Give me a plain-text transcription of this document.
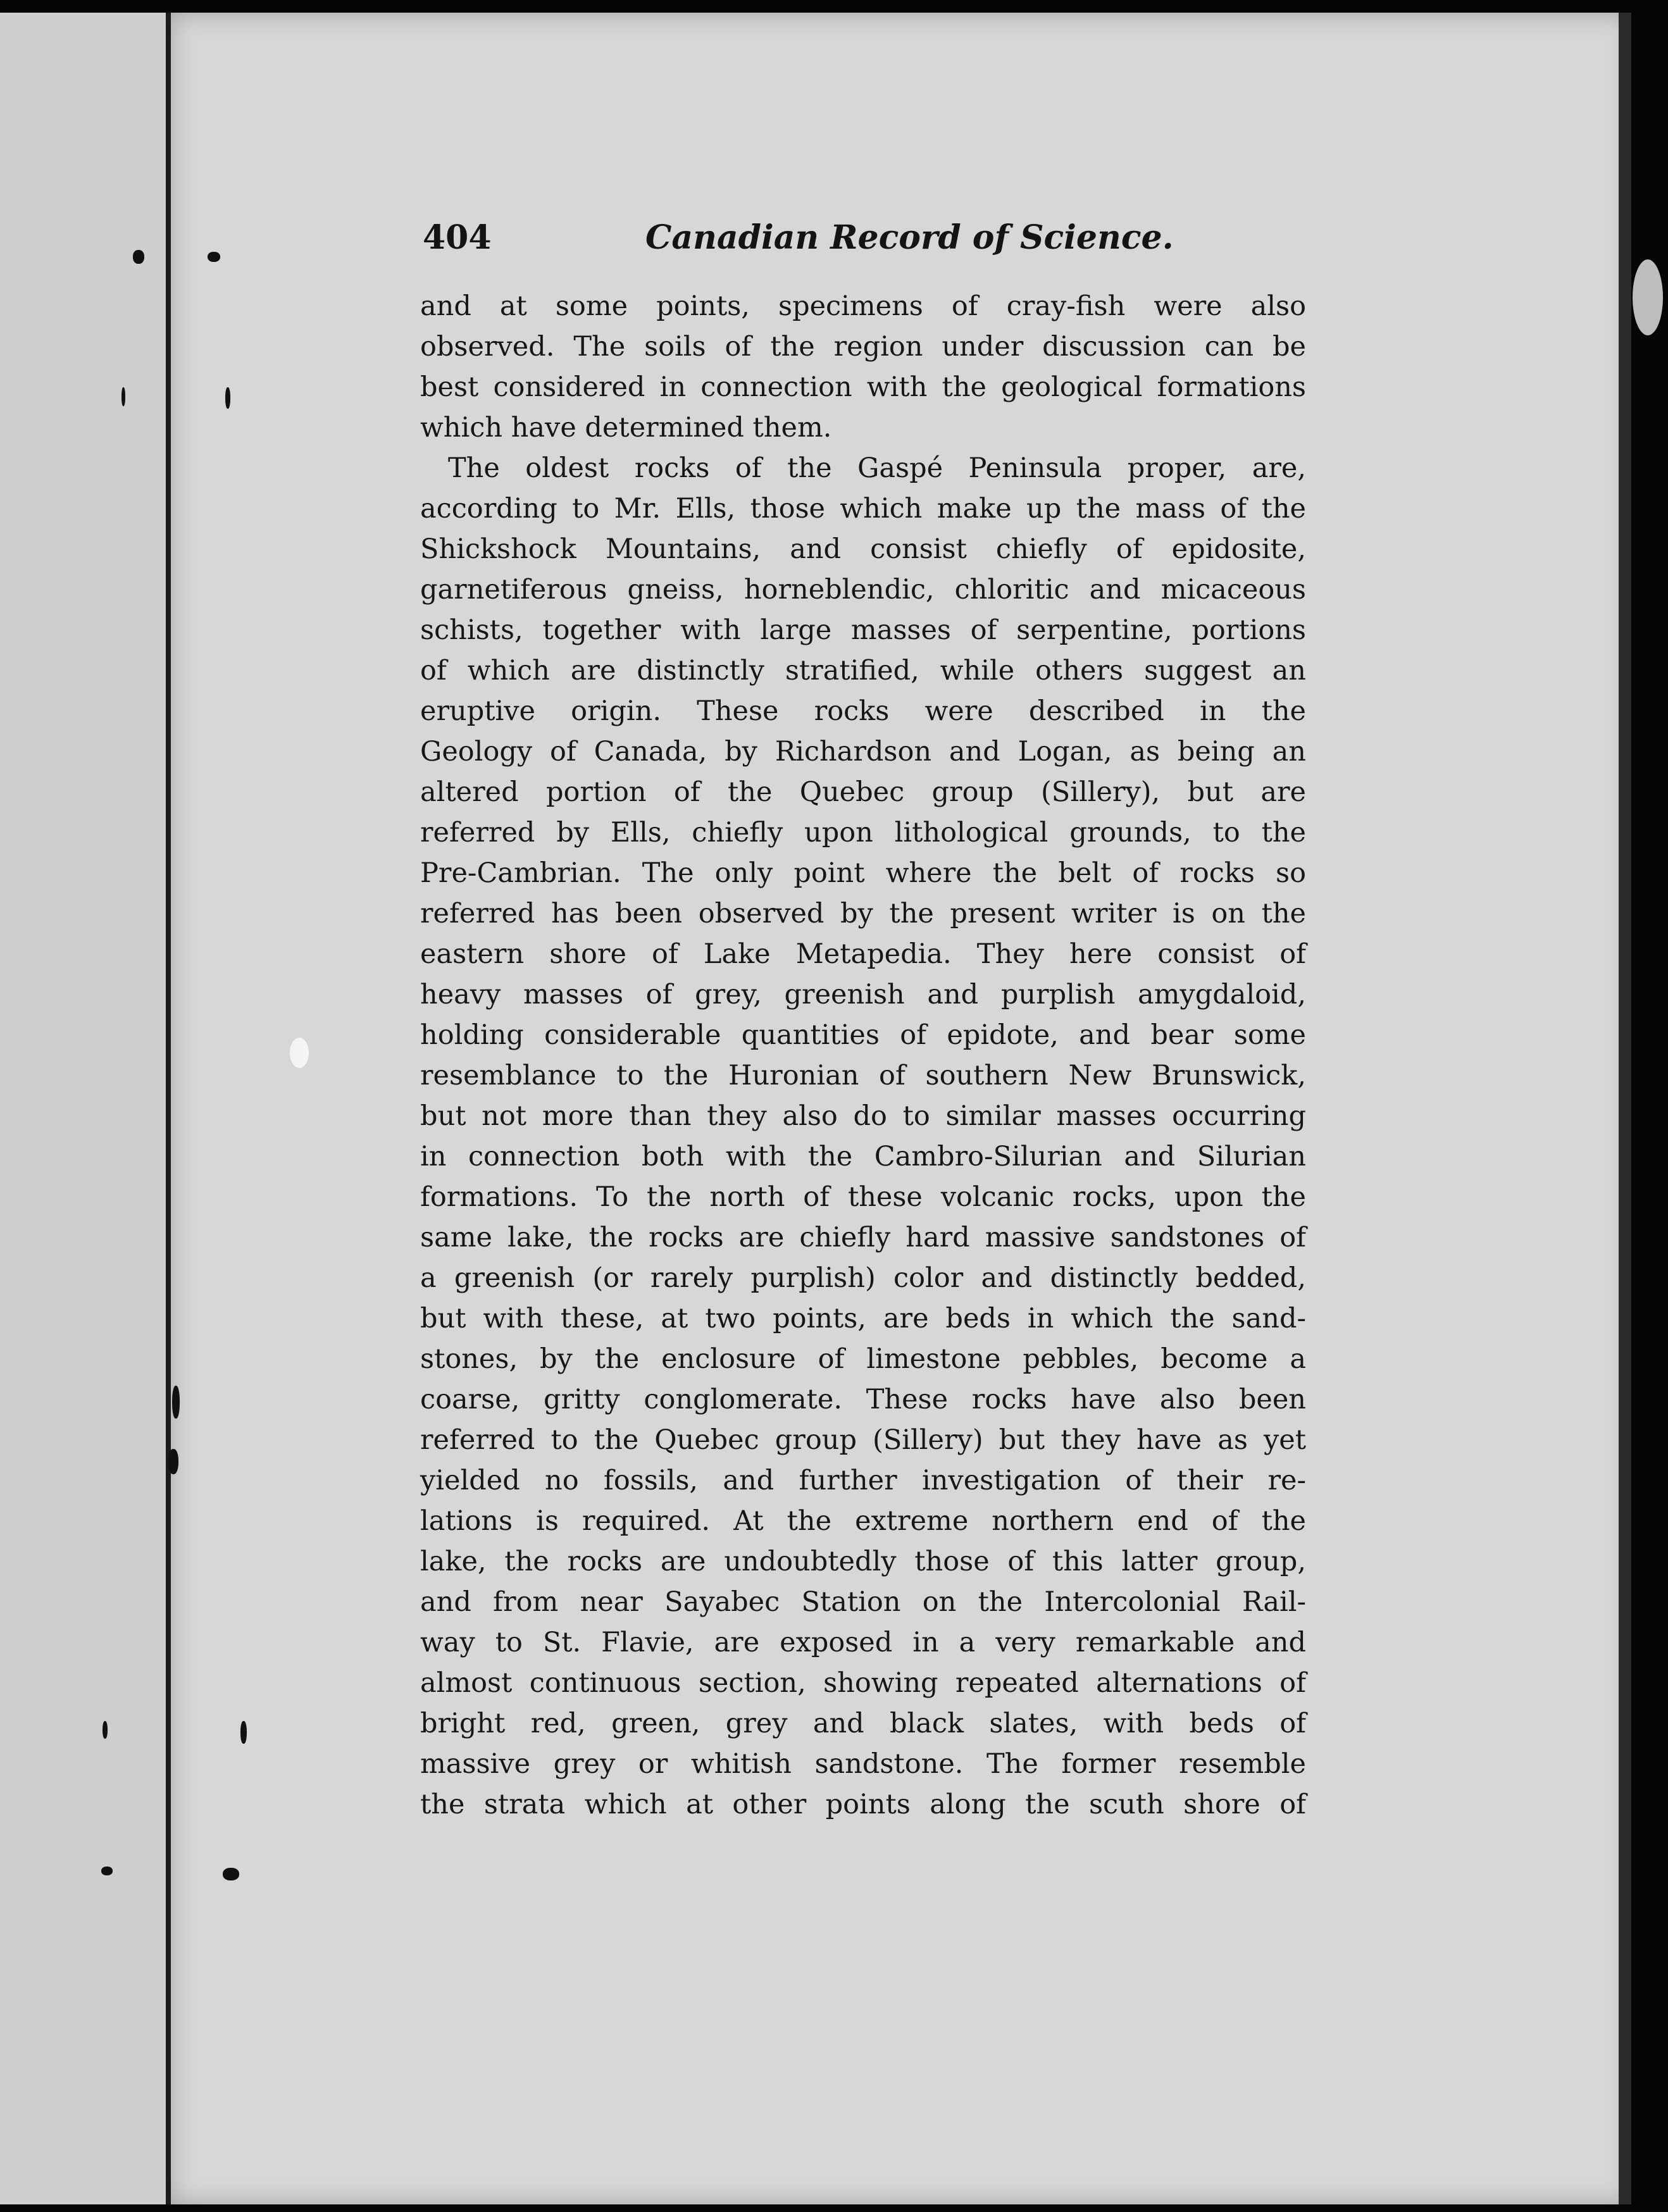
404	Canadian Record of Science.
and at some points, specimens of cray-fish were also
observed. The soils of the region under discussion can be
best considered in connection with the geological formations
which have determined them.
The oldest rocks of the Gaspé Peninsula proper, are,
according to Mr. Ells, those which make up the mass of the
Shickshock Mountains, and consist chiefly of epidosite,
garnetiferous gneiss, horneblendic, chloritic and micaceous
schists, together with large masses of serpentine, portions
of which are distinctly stratified, while others suggest an
eruptive origin. These rocks were described in the
Geology of Canada, by Richardson and Logan, as being an
altered portion of the Quebec group (Sillery), but are
referred by Ells, chiefly upon lithological grounds, to the
Pre-Cambrian. The only point where the belt of rocks so
referred has been observed by the present writer is on the
eastern shore of Lake Metapedia. They here consist of
heavy masses of grey, greenish and purplish amygdaloid,
holding considerable quantities of epidote, and bear some
resemblance to the Huronian of southern New Brunswick,
but not more than they also do to similar masses occurring
in connection both with the Cambro-Silurian and Silurian
formations. To the north of these volcanic rocks, upon the
same lake, the rocks are chiefly hard massive sandstones of
a greenish (or rarely purplish) color and distinctly bedded,
but with these, at two points, are beds in which the sand-
stones, by the enclosure of limestone pebbles, become a
coarse, gritty conglomerate. These rocks have also been
referred to the Quebec group (Sillery) but they have as yet
yielded no fossils, and further investigation of their re-
lations is required. At the extreme northern end of the
lake, the rocks are undoubtedly those of this latter group,
and from near Sayabec Station on the Intercolonial Rail-
way to St. Flavie, are exposed in a very remarkable and
almost continuous section, showing repeated alternations of
bright red, green, grey and black slates, with beds of
massive grey or whitish sandstone. The former resemble
the strata which at other points along the scuth shore of
